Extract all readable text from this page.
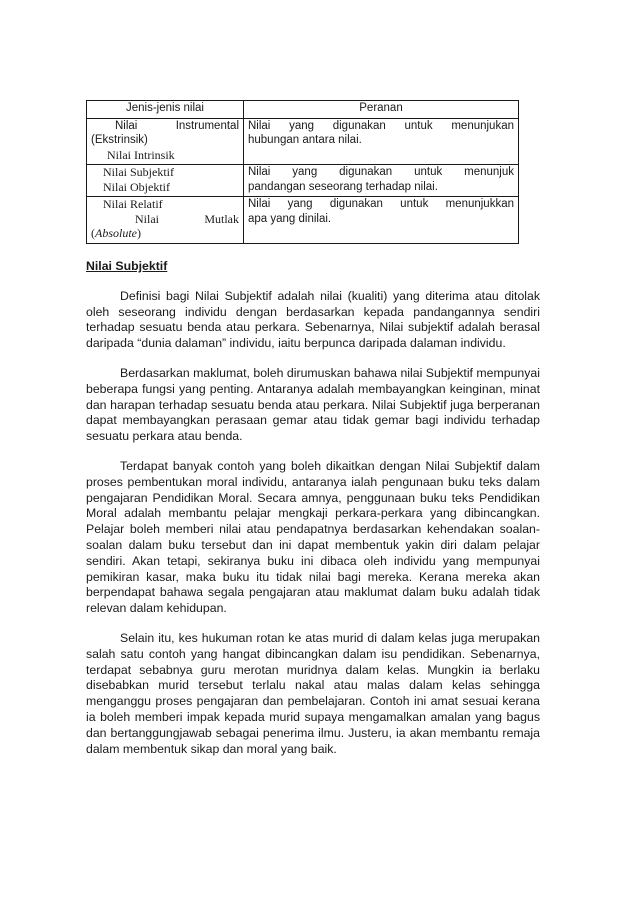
Jenis-jenis nilai	Peranan

Nilai Instrumental
(Ekstrinsik)
Nilai Intrinsik	Nilai yang digunakan untuk menunjukan
hubungan antara nilai.

Nilai Subjektif
Nilai Objektif	Nilai yang digunakan untuk menunjuk
pandangan seseorang terhadap nilai.

Nilai Relatif
Nilai Mutlak
(Absolute)	Nilai yang digunakan untuk menunjukkan
apa yang dinilai.
Nilai Subjektif

Definisi bagi Nilai Subjektif adalah nilai (kualiti) yang diterima atau ditolak oleh seseorang individu dengan berdasarkan kepada pandangannya sendiri terhadap sesuatu benda atau perkara. Sebenarnya, Nilai subjektif adalah berasal daripada “dunia dalaman” individu, iaitu berpunca daripada dalaman individu.

Berdasarkan maklumat, boleh dirumuskan bahawa nilai Subjektif mempunyai beberapa fungsi yang penting. Antaranya adalah membayangkan keinginan, minat dan harapan terhadap sesuatu benda atau perkara. Nilai Subjektif juga berperanan dapat membayangkan perasaan gemar atau tidak gemar bagi individu terhadap sesuatu perkara atau benda.

Terdapat banyak contoh yang boleh dikaitkan dengan Nilai Subjektif dalam proses pembentukan moral individu, antaranya ialah pengunaan buku teks dalam pengajaran Pendidikan Moral. Secara amnya, penggunaan buku teks Pendidikan Moral adalah membantu pelajar mengkaji perkara-perkara yang dibincangkan. Pelajar boleh memberi nilai atau pendapatnya berdasarkan kehendakan soalan-soalan dalam buku tersebut dan ini dapat membentuk yakin diri dalam pelajar sendiri. Akan tetapi, sekiranya buku ini dibaca oleh individu yang mempunyai pemikiran kasar, maka buku itu tidak nilai bagi mereka. Kerana mereka akan berpendapat bahawa segala pengajaran atau maklumat dalam buku adalah tidak relevan dalam kehidupan.

Selain itu, kes hukuman rotan ke atas murid di dalam kelas juga merupakan salah satu contoh yang hangat dibincangkan dalam isu pendidikan. Sebenarnya, terdapat sebabnya guru merotan muridnya dalam kelas. Mungkin ia berlaku disebabkan murid tersebut terlalu nakal atau malas dalam kelas sehingga menganggu proses pengajaran dan pembelajaran. Contoh ini amat sesuai kerana ia boleh memberi impak kepada murid supaya mengamalkan amalan yang bagus dan bertanggungjawab sebagai penerima ilmu. Justeru, ia akan membantu remaja dalam membentuk sikap dan moral yang baik.
